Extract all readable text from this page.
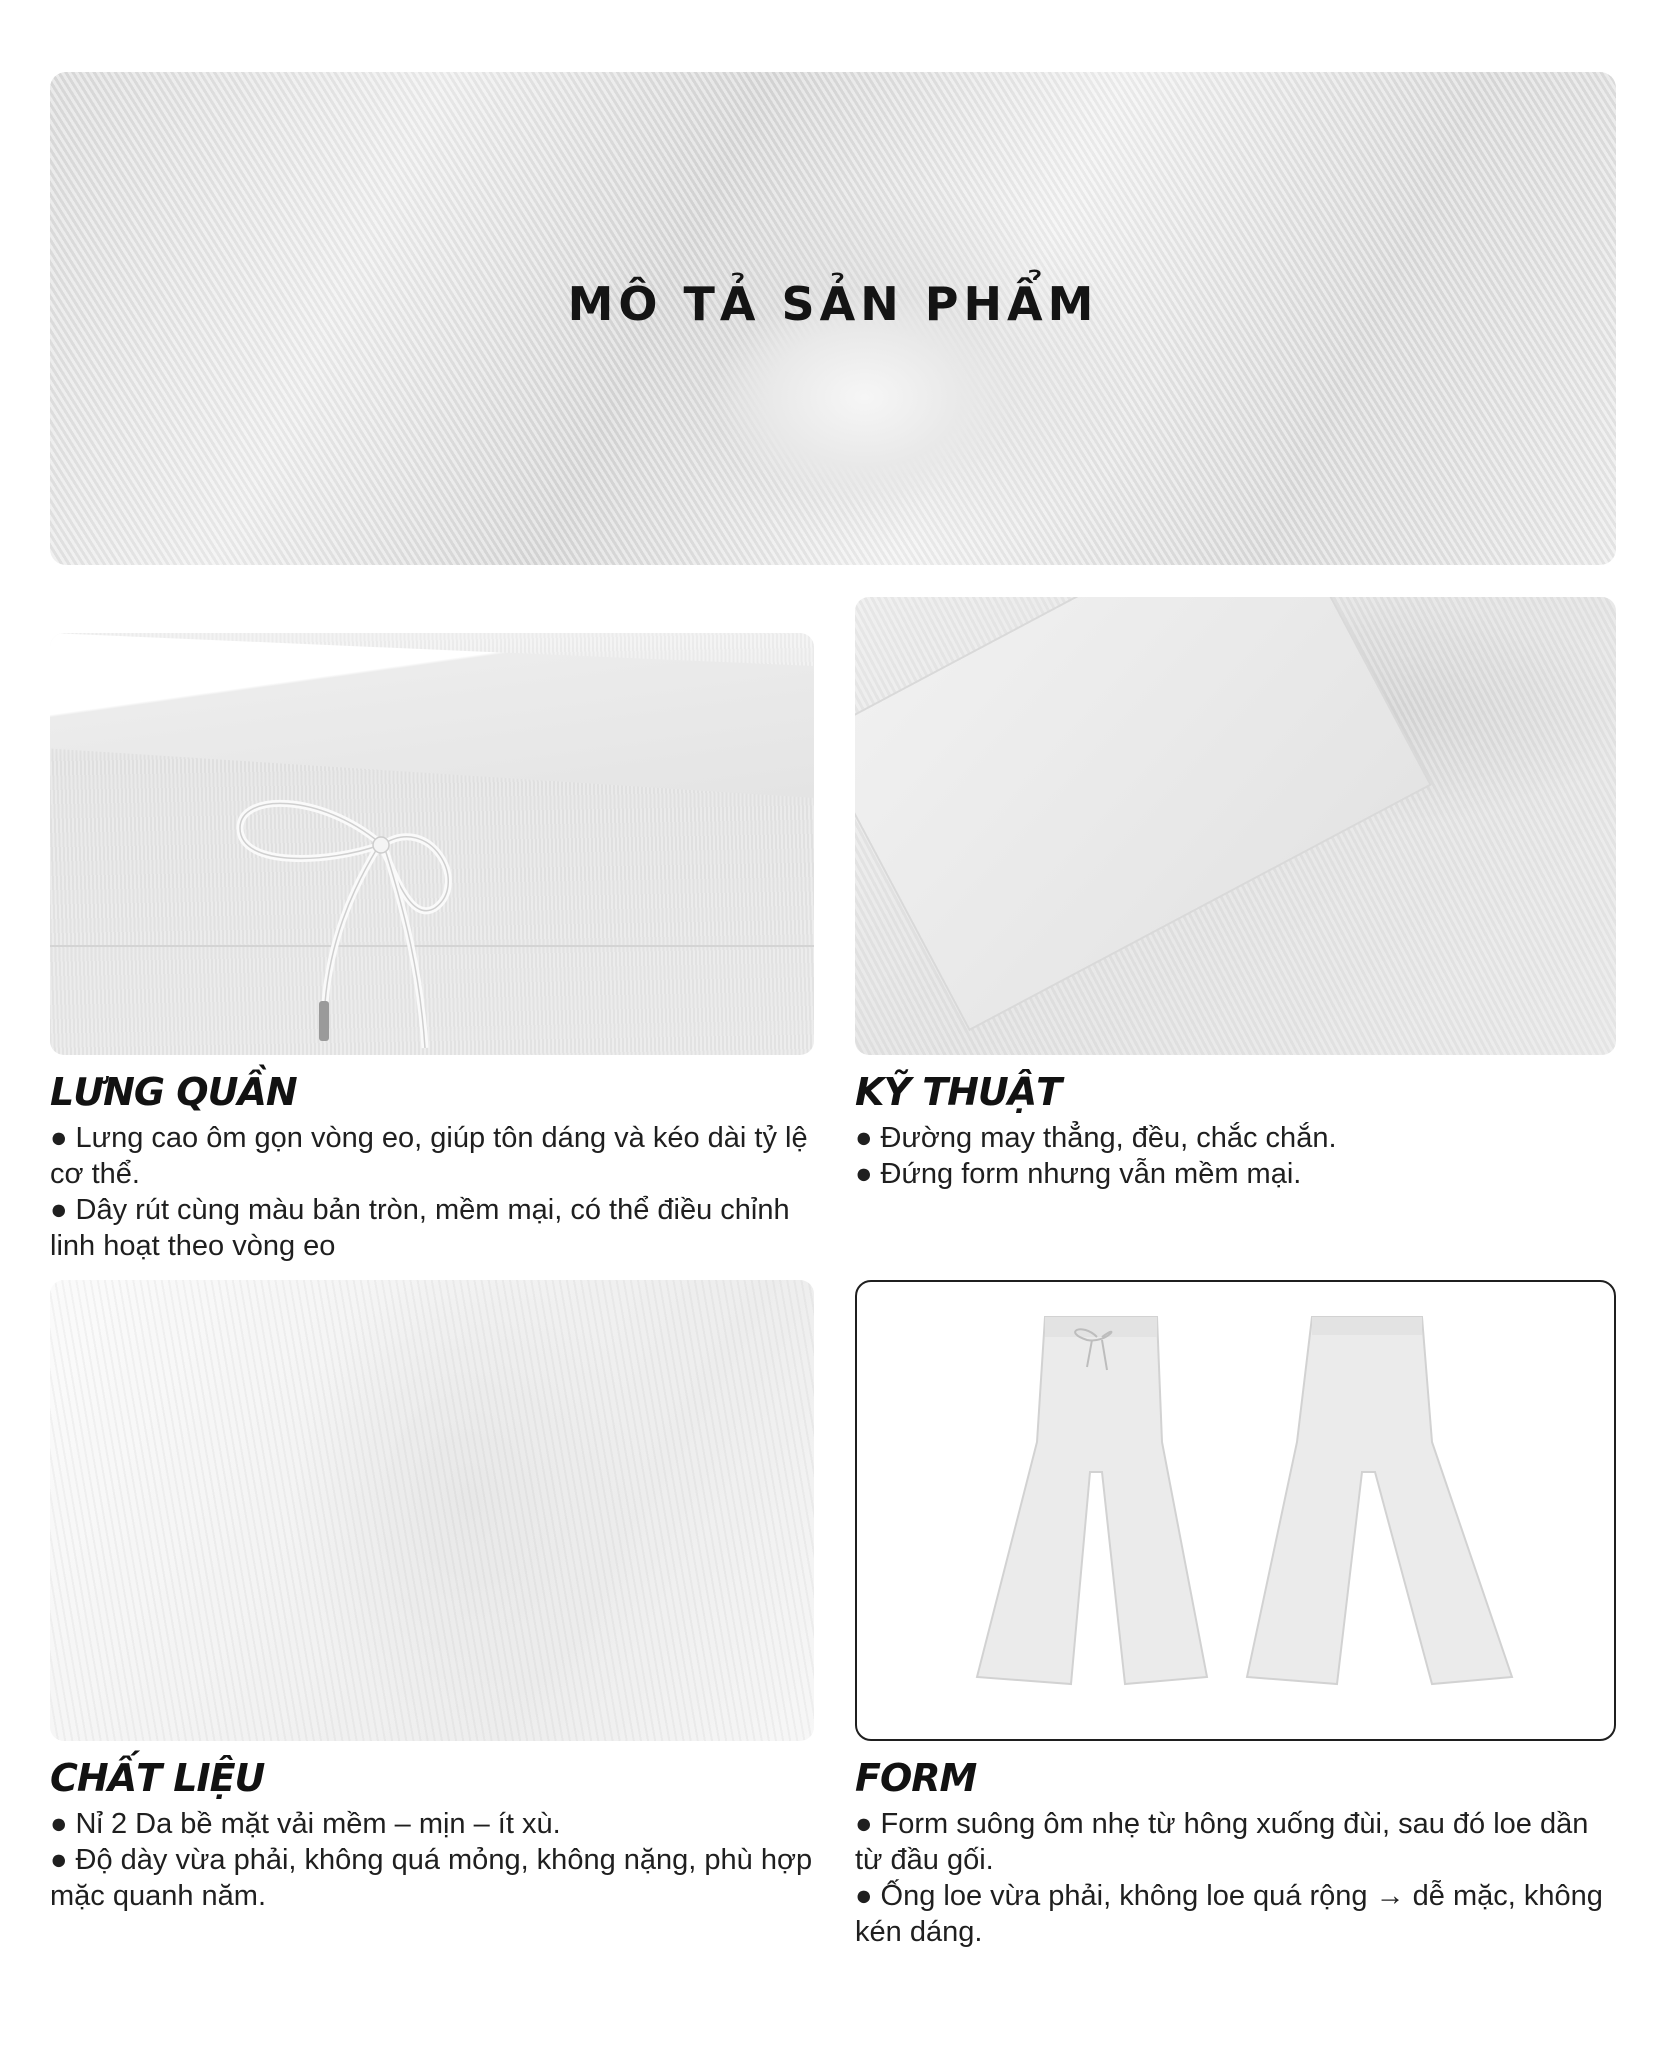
MÔ TẢ SẢN PHẨM
LƯNG QUẦN
● Lưng cao ôm gọn vòng eo, giúp tôn dáng và kéo dài tỷ lệ cơ thể.
● Dây rút cùng màu bản tròn, mềm mại, có thể điều chỉnh linh hoạt theo vòng eo
KỸ THUẬT
● Đường may thẳng, đều, chắc chắn.
● Đứng form nhưng vẫn mềm mại.
CHẤT LIỆU
● Nỉ 2 Da bề mặt vải mềm – mịn – ít xù.
● Độ dày vừa phải, không quá mỏng, không nặng, phù hợp mặc quanh năm.
FORM
● Form suông ôm nhẹ từ hông xuống đùi, sau đó loe dần từ đầu gối.
● Ống loe vừa phải, không loe quá rộng → dễ mặc, không kén dáng.
